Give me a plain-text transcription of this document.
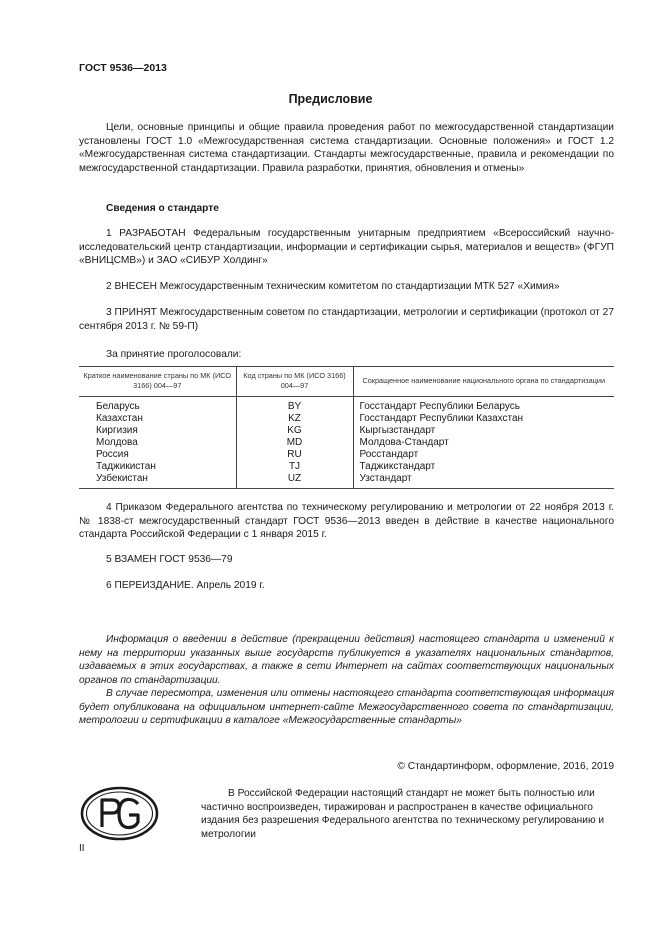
ГОСТ 9536—2013
Предисловие

Цели, основные принципы и общие правила проведения работ по межгосударственной стандартизации установлены ГОСТ 1.0 «Межгосударственная система стандартизации. Основные положения» и ГОСТ 1.2 «Межгосударственная система стандартизации. Стандарты межгосударственные, правила и рекомендации по межгосударственной стандартизации. Правила разработки, принятия, обновления и отмены»

Сведения о стандарте

1 РАЗРАБОТАН Федеральным государственным унитарным предприятием «Всероссийский научно-исследовательский центр стандартизации, информации и сертификации сырья, материалов и веществ» (ФГУП «ВНИЦСМВ») и ЗАО «СИБУР Холдинг»

2 ВНЕСЕН Межгосударственным техническим комитетом по стандартизации МТК 527 «Химия»

3 ПРИНЯТ Межгосударственным советом по стандартизации, метрологии и сертификации (протокол от 27 сентября 2013 г. № 59-П)

За принятие проголосовали:
Краткое наименование страны по МК (ИСО 3166) 004—97	Код страны по МК (ИСО 3166) 004—97	Сокращенное наименование национального органа по стандартизации
Беларусь	BY	Госстандарт Республики Беларусь
Казахстан	KZ	Госстандарт Республики Казахстан
Киргизия	KG	Кыргызстандарт
Молдова	MD	Молдова-Стандарт
Россия	RU	Росстандарт
Таджикистан	TJ	Таджикстандарт
Узбекистан	UZ	Узстандарт

4 Приказом Федерального агентства по техническому регулированию и метрологии от 22 ноября 2013 г. № 1838-ст межгосударственный стандарт ГОСТ 9536—2013 введен в действие в качестве национального стандарта Российской Федерации с 1 января 2015 г.

5 ВЗАМЕН ГОСТ 9536—79

6 ПЕРЕИЗДАНИЕ. Апрель 2019 г.

Информация о введении в действие (прекращении действия) настоящего стандарта и изменений к нему на территории указанных выше государств публикуется в указателях национальных стандартов, издаваемых в этих государствах, а также в сети Интернет на сайтах соответствующих национальных органов по стандартизации.

В случае пересмотра, изменения или отмены настоящего стандарта соответствующая информация будет опубликована на официальном интернет-сайте Межгосударственного совета по стандартизации, метрологии и сертификации в каталоге «Межгосударственные стандарты»

© Стандартинформ, оформление, 2016, 2019

В Российской Федерации настоящий стандарт не может быть полностью или частично воспроизведен, тиражирован и распространен в качестве официального издания без разрешения Федерального агентства по техническому регулированию и метрологии

II
